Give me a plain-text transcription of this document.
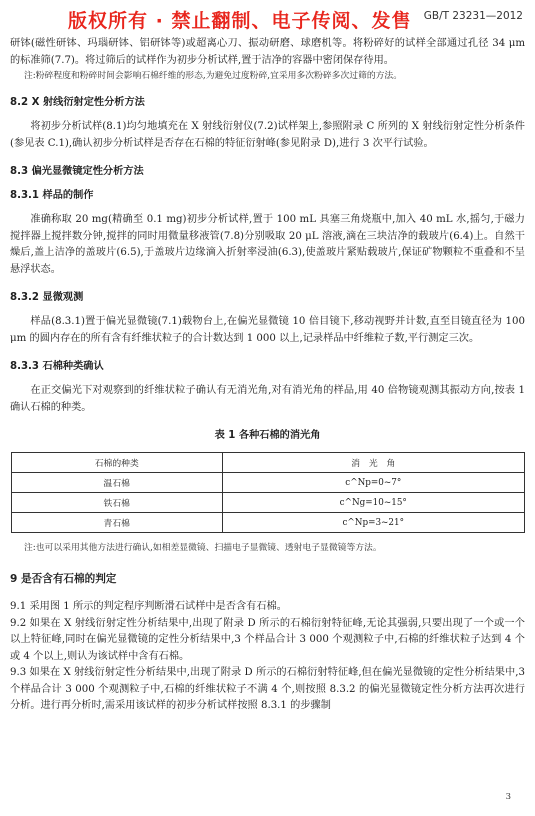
版权所有 · 禁止翻制、电子传阅、发售 GB/T 23231—2012

研钵(磁性研钵、玛瑙研钵、铝研钵等)或超离心刀、振动研磨、球磨机等。将粉碎好的试样全部通过孔径 34 μm 的标准筛(7.7)。将过筛后的试样作为初步分析试样,置于洁净的容器中密闭保存待用。

注:粉碎程度和粉碎时间会影响石棉纤维的形态,为避免过度粉碎,宜采用多次粉碎多次过筛的方法。

8.2 X 射线衍射定性分析方法

将初步分析试样(8.1)均匀地填充在 X 射线衍射仪(7.2)试样架上,参照附录 C 所列的 X 射线衍射定性分析条件(参见表 C.1),确认初步分析试样是否存在石棉的特征衍射峰(参见附录 D),进行 3 次平行试验。

8.3 偏光显微镜定性分析方法
8.3.1 样品的制作

准确称取 20 mg(精确至 0.1 mg)初步分析试样,置于 100 mL 具塞三角烧瓶中,加入 40 mL 水,摇匀,于磁力搅拌器上搅拌数分钟,搅拌的同时用微量移液管(7.8)分别吸取 20 μL 溶液,滴在三块洁净的载玻片(6.4)上。自然干燥后,盖上洁净的盖玻片(6.5),于盖玻片边缘滴入折射率浸油(6.3),使盖玻片紧贴载玻片,保证矿物颗粒不重叠和不呈悬浮状态。

8.3.2 显微观测

样品(8.3.1)置于偏光显微镜(7.1)载物台上,在偏光显微镜 10 倍目镜下,移动视野并计数,直至目镜直径为 100 μm 的圆内存在的所有含有纤维状粒子的合计数达到 1 000 以上,记录样品中纤维粒子数,平行测定三次。

8.3.3 石棉种类确认

在正交偏光下对观察到的纤维状粒子确认有无消光角,对有消光角的样品,用 40 倍物镜观测其振动方向,按表 1 确认石棉的种类。

表 1 各种石棉的消光角
石棉的种类	消　光　角
温石棉	c^Np=0~7°
铁石棉	c^Ng=10~15°
青石棉	c^Np=3~21°

注:也可以采用其他方法进行确认,如相差显微镜、扫描电子显微镜、透射电子显微镜等方法。

9 是否含有石棉的判定

9.1 采用图 1 所示的判定程序判断滑石试样中是否含有石棉。

9.2 如果在 X 射线衍射定性分析结果中,出现了附录 D 所示的石棉衍射特征峰,无论其强弱,只要出现了一个或一个以上特征峰,同时在偏光显微镜的定性分析结果中,3 个样品合计 3 000 个观测粒子中,石棉的纤维状粒子达到 4 个或 4 个以上,则认为该试样中含有石棉。

9.3 如果在 X 射线衍射定性分析结果中,出现了附录 D 所示的石棉衍射特征峰,但在偏光显微镜的定性分析结果中,3 个样品合计 3 000 个观测粒子中,石棉的纤维状粒子不满 4 个,则按照 8.3.2 的偏光显微镜定性分析方法再次进行分析。进行再分析时,需采用该试样的初步分析试样按照 8.3.1 的步骤制

3
